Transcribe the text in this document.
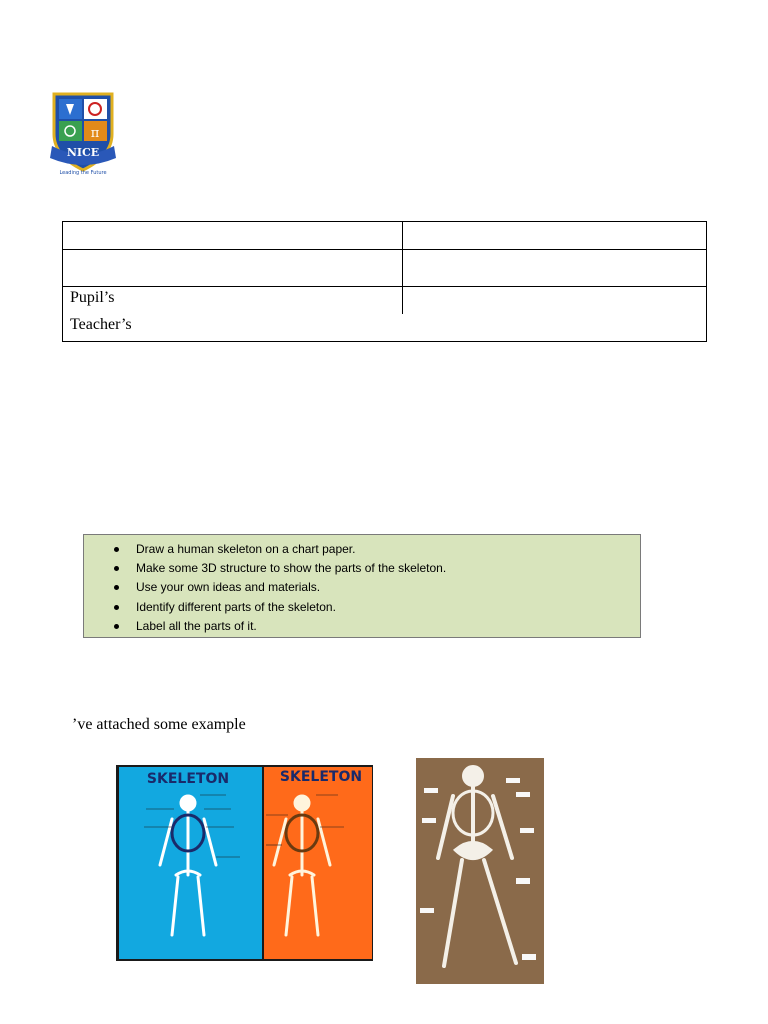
π
NICE
Leading the Future

Pupil’s
Teacher’s	

Draw a human skeleton on a chart paper.
Make some 3D structure to show the parts of the skeleton.
Use your own ideas and materials.
Identify different parts of the skeleton.
Label all the parts of it.
’ve attached some example
SKELETON	SKELETON
